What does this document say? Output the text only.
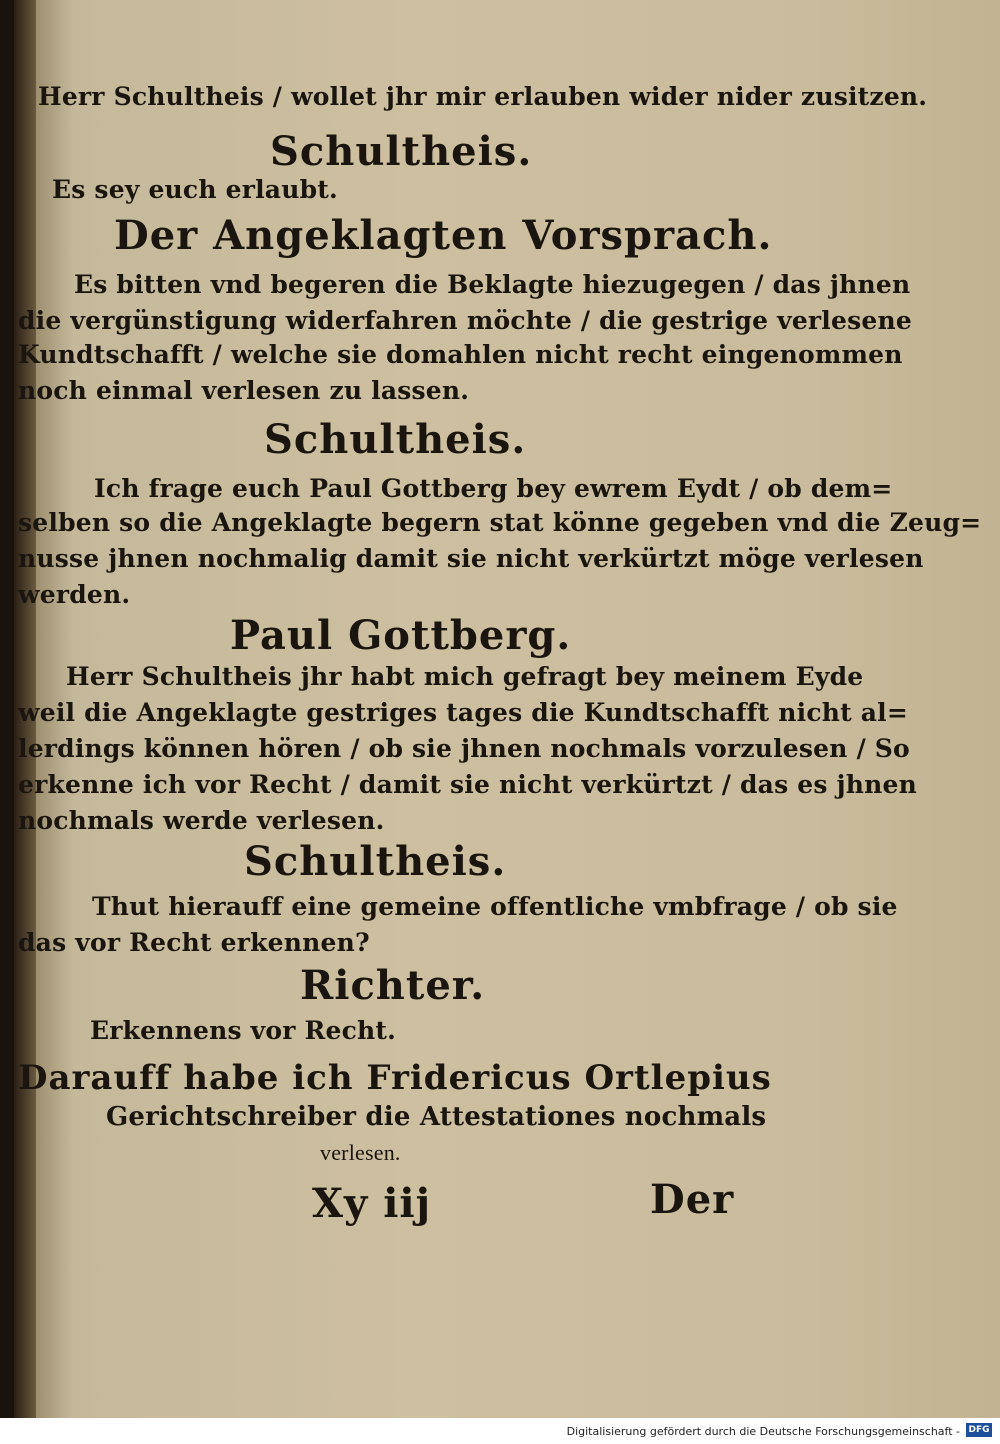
Herr Schultheis / wollet jhr mir erlauben wider nider zusitzen.
Schultheis.
Es sey euch erlaubt.
Der Angeklagten Vorsprach.
Es bitten vnd begeren die Beklagte hiezugegen / das jhnen
die vergünstigung widerfahren möchte / die gestrige verlesene
Kundtschafft / welche sie domahlen nicht recht eingenommen
noch einmal verlesen zu lassen.
Schultheis.
Ich frage euch Paul Gottberg bey ewrem Eydt / ob dem=
selben so die Angeklagte begern stat könne gegeben vnd die Zeug=
nusse jhnen nochmalig damit sie nicht verkürtzt möge verlesen
werden.
Paul Gottberg.
Herr Schultheis jhr habt mich gefragt bey meinem Eyde
weil die Angeklagte gestriges tages die Kundtschafft nicht al=
lerdings können hören / ob sie jhnen nochmals vorzulesen / So
erkenne ich vor Recht / damit sie nicht verkürtzt / das es jhnen
nochmals werde verlesen.
Schultheis.
Thut hierauff eine gemeine offentliche vmbfrage / ob sie
das vor Recht erkennen?
Richter.
Erkennens vor Recht.
Darauff habe ich Fridericus Ortlepius
Gerichtschreiber die Attestationes nochmals
verlesen.
Xy iij	Der
Digitalisierung gefördert durch die Deutsche Forschungsgemeinschaft - DFG
